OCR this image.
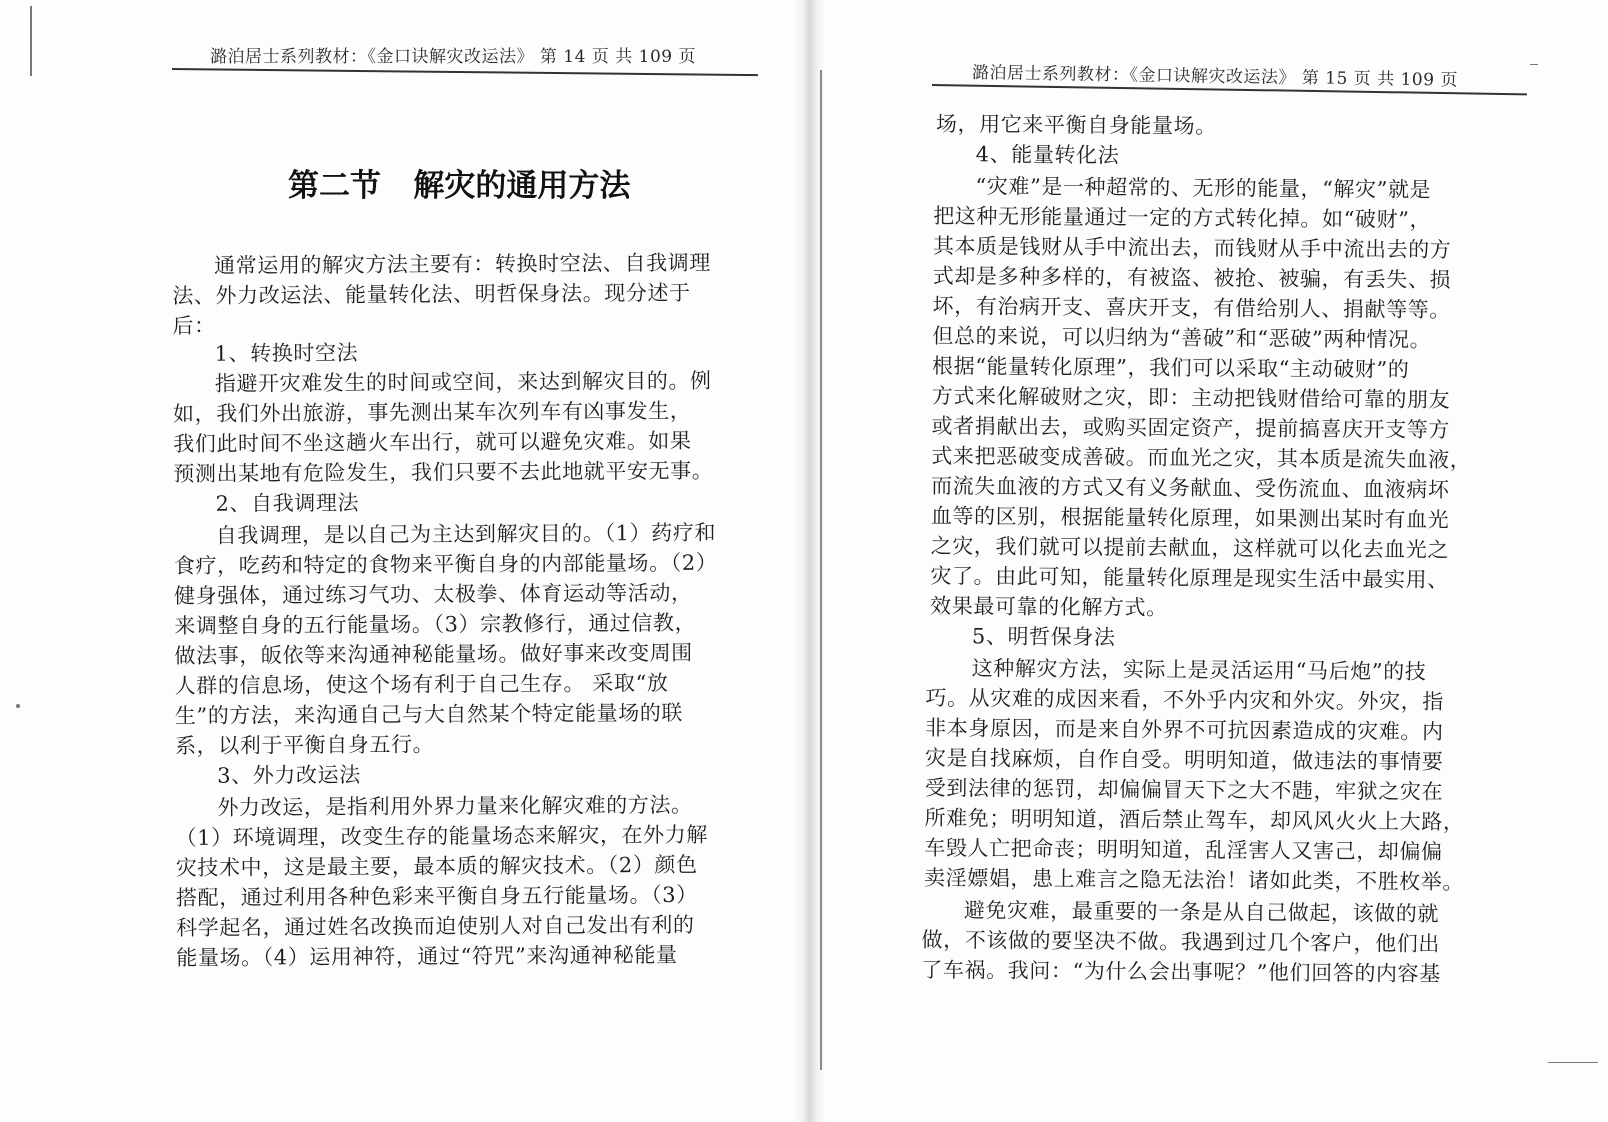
潞泊居士系列教材：《金口诀解灾改运法》 第 14 页 共 109 页
第二节   解灾的通用方法
通常运用的解灾方法主要有：转换时空法、自我调理
法、外力改运法、能量转化法、明哲保身法。现分述于
后：
1、转换时空法
指避开灾难发生的时间或空间，来达到解灾目的。例
如，我们外出旅游，事先测出某车次列车有凶事发生，
我们此时间不坐这趟火车出行，就可以避免灾难。如果
预测出某地有危险发生，我们只要不去此地就平安无事。
2、自我调理法
自我调理，是以自己为主达到解灾目的。（1）药疗和
食疗，吃药和特定的食物来平衡自身的内部能量场。（2）
健身强体，通过练习气功、太极拳、体育运动等活动，
来调整自身的五行能量场。（3）宗教修行，通过信教，
做法事，皈依等来沟通神秘能量场。做好事来改变周围
人群的信息场，使这个场有利于自己生存。 采取“放
生”的方法，来沟通自己与大自然某个特定能量场的联
系，以利于平衡自身五行。
3、外力改运法
外力改运，是指利用外界力量来化解灾难的方法。
（1）环境调理，改变生存的能量场态来解灾，在外力解
灾技术中，这是最主要，最本质的解灾技术。（2）颜色
搭配，通过利用各种色彩来平衡自身五行能量场。（3）
科学起名，通过姓名改换而迫使别人对自己发出有利的
能量场。（4）运用神符，通过“符咒”来沟通神秘能量
潞泊居士系列教材：《金口诀解灾改运法》 第 15 页 共 109 页
场，用它来平衡自身能量场。
4、能量转化法
“灾难”是一种超常的、无形的能量，“解灾”就是
把这种无形能量通过一定的方式转化掉。如“破财”，
其本质是钱财从手中流出去，而钱财从手中流出去的方
式却是多种多样的，有被盗、被抢、被骗，有丢失、损
坏，有治病开支、喜庆开支，有借给别人、捐献等等。
但总的来说，可以归纳为“善破”和“恶破”两种情况。
根据“能量转化原理”，我们可以采取“主动破财”的
方式来化解破财之灾，即：主动把钱财借给可靠的朋友
或者捐献出去，或购买固定资产，提前搞喜庆开支等方
式来把恶破变成善破。而血光之灾，其本质是流失血液，
而流失血液的方式又有义务献血、受伤流血、血液病坏
血等的区别，根据能量转化原理，如果测出某时有血光
之灾，我们就可以提前去献血，这样就可以化去血光之
灾了。由此可知，能量转化原理是现实生活中最实用、
效果最可靠的化解方式。
5、明哲保身法
这种解灾方法，实际上是灵活运用“马后炮”的技
巧。从灾难的成因来看，不外乎内灾和外灾。外灾，指
非本身原因，而是来自外界不可抗因素造成的灾难。内
灾是自找麻烦，自作自受。明明知道，做违法的事情要
受到法律的惩罚，却偏偏冒天下之大不韪，牢狱之灾在
所难免；明明知道，酒后禁止驾车，却风风火火上大路，
车毁人亡把命丧；明明知道，乱淫害人又害己，却偏偏
卖淫嫖娼，患上难言之隐无法治！诸如此类，不胜枚举。
避免灾难，最重要的一条是从自己做起，该做的就
做，不该做的要坚决不做。我遇到过几个客户，他们出
了车祸。我问：“为什么会出事呢？”他们回答的内容基
